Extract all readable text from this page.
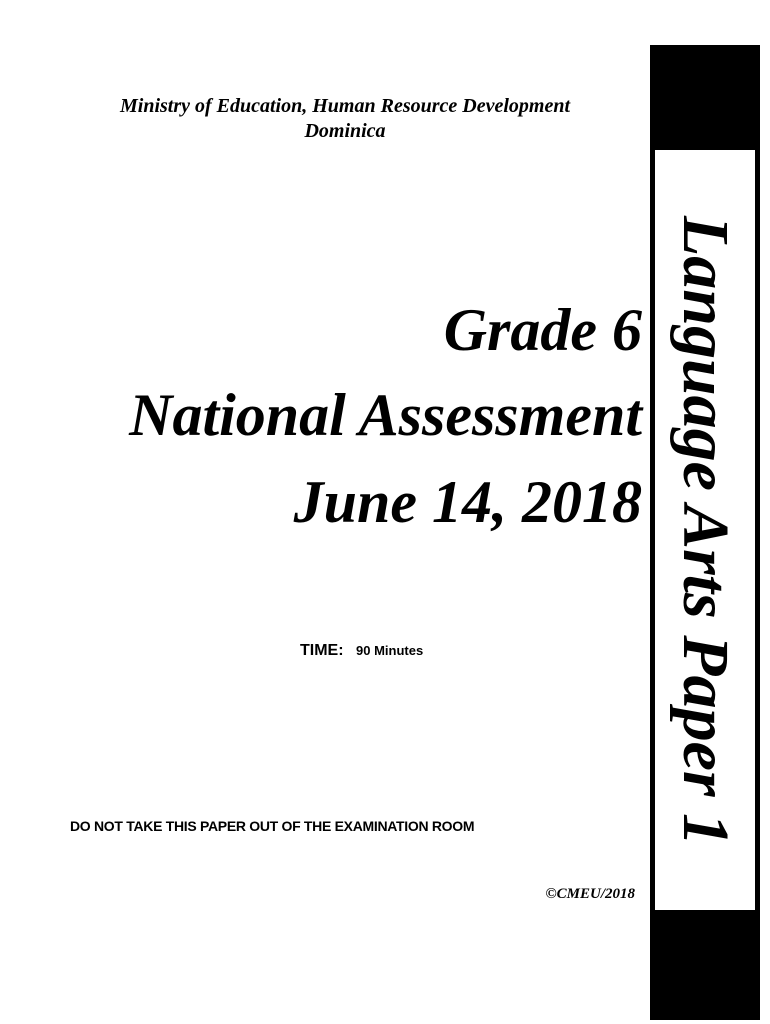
Ministry of Education, Human Resource Development
Dominica
Language Arts Paper 1
Grade 6
National Assessment
June 14, 2018
TIME: 90 Minutes
DO NOT TAKE THIS PAPER OUT OF THE EXAMINATION ROOM
©CMEU/2018
